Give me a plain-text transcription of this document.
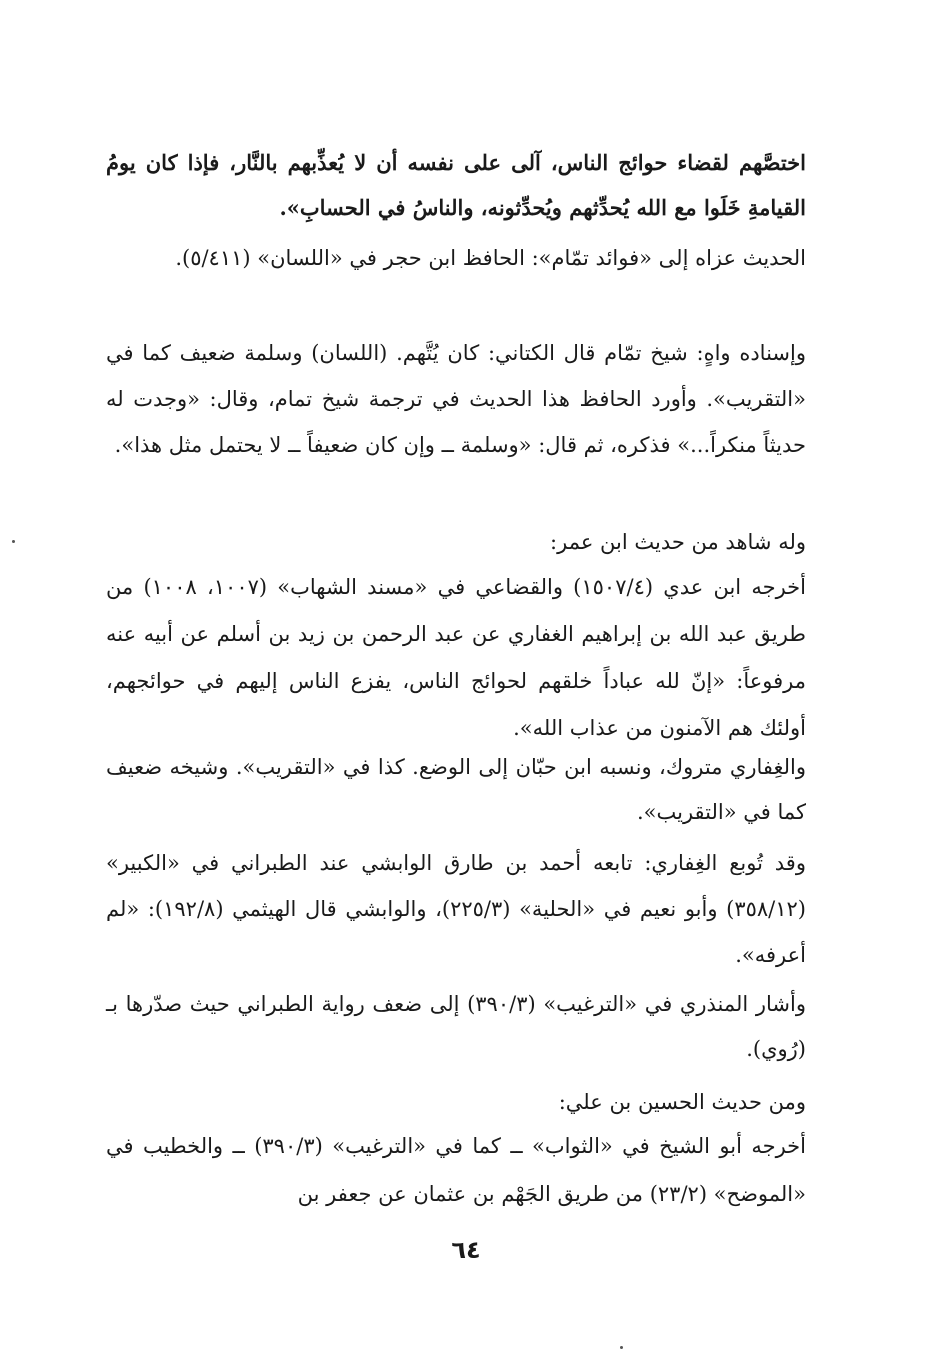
اختصَّهم لقضاء حوائج الناس، آلى على نفسه أن لا يُعذِّبهم بالنَّار، فإذا كان يومُ القيامةِ خَلَوا مع الله يُحدِّثهم ويُحدِّثونه، والناسُ في الحسابِ».

الحديث عزاه إلى «فوائد تمّام»: الحافظ ابن حجر في «اللسان» (٥/٤١١).

وإسناده واهٍ: شيخ تمّام قال الكتاني: كان يُتَّهم. (اللسان) وسلمة ضعيف كما في «التقريب». وأورد الحافظ هذا الحديث في ترجمة شيخ تمام، وقال: «وجدت له حديثاً منكراً...» فذكره، ثم قال: «وسلمة ــ وإن كان ضعيفاً ــ لا يحتمل مثل هذا».

وله شاهد من حديث ابن عمر:

أخرجه ابن عدي (١٥٠٧/٤) والقضاعي في «مسند الشهاب» (١٠٠٧، ١٠٠٨) من طريق عبد الله بن إبراهيم الغفاري عن عبد الرحمن بن زيد بن أسلم عن أبيه عنه مرفوعاً: «إنّ لله عباداً خلقهم لحوائج الناس، يفزع الناس إليهم في حوائجهم، أولئك هم الآمنون من عذاب الله».

والغِفاري متروك، ونسبه ابن حبّان إلى الوضع. كذا في «التقريب». وشيخه ضعيف كما في «التقريب».

وقد تُوبع الغِفاري: تابعه أحمد بن طارق الوابشي عند الطبراني في «الكبير» (٣٥٨/١٢) وأبو نعيم في «الحلية» (٢٢٥/٣)، والوابشي قال الهيثمي (١٩٢/٨): «لم أعرفه».

وأشار المنذري في «الترغيب» (٣٩٠/٣) إلى ضعف رواية الطبراني حيث صدّرها بـ (رُوي).

ومن حديث الحسين بن علي:

أخرجه أبو الشيخ في «الثواب» ــ كما في «الترغيب» (٣٩٠/٣) ــ والخطيب في «الموضح» (٢٣/٢) من طريق الجَهْم بن عثمان عن جعفر بن

٦٤
